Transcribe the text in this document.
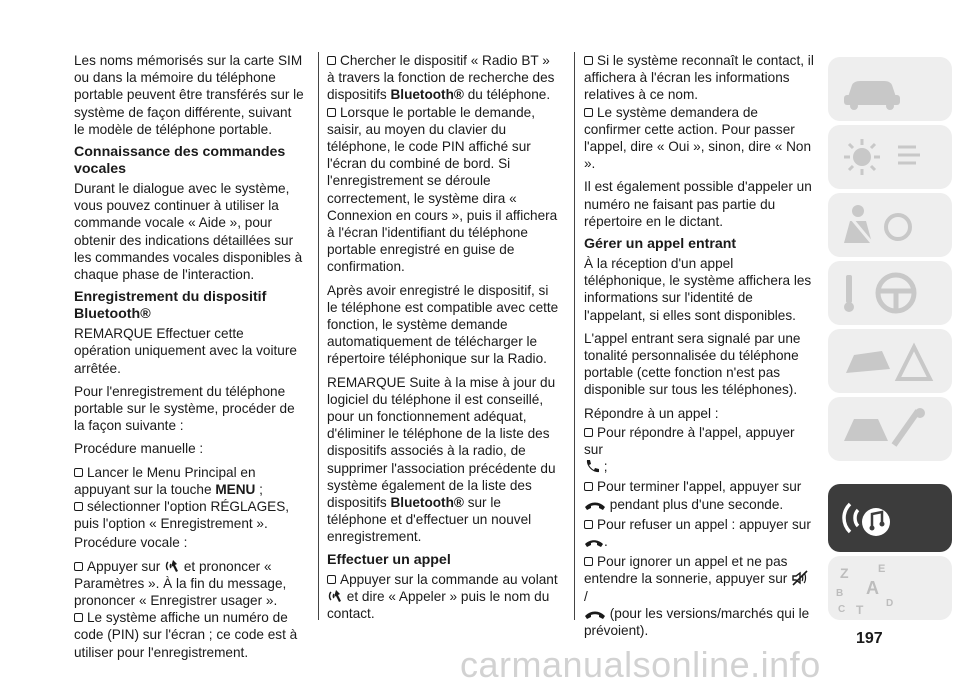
Les noms mémorisés sur la carte SIM ou dans la mémoire du téléphone portable peuvent être transférés sur le système de façon différente, suivant le modèle de téléphone portable.

Connaissance des commandes vocales

Durant le dialogue avec le système, vous pouvez continuer à utiliser la commande vocale « Aide », pour obtenir des indications détaillées sur les commandes vocales disponibles à chaque phase de l'interaction.

Enregistrement du dispositif Bluetooth®

REMARQUE Effectuer cette opération uniquement avec la voiture arrêtée.

Pour l'enregistrement du téléphone portable sur le système, procéder de la façon suivante :

Procédure manuelle :

Lancer le Menu Principal en appuyant sur la touche MENU ;
sélectionner l'option RÉGLAGES, puis l'option « Enregistrement ».

Procédure vocale :

Appuyer sur et prononcer « Paramètres ». À la fin du message, prononcer « Enregistrer usager ».
Le système affiche un numéro de code (PIN) sur l'écran ; ce code est à utiliser pour l'enregistrement.
Chercher le dispositif « Radio BT » à travers la fonction de recherche des dispositifs Bluetooth® du téléphone.
Lorsque le portable le demande, saisir, au moyen du clavier du téléphone, le code PIN affiché sur l'écran du combiné de bord. Si l'enregistrement se déroule correctement, le système dira « Connexion en cours », puis il affichera à l'écran l'identifiant du téléphone portable enregistré en guise de confirmation.

Après avoir enregistré le dispositif, si le téléphone est compatible avec cette fonction, le système demande automatiquement de télécharger le répertoire téléphonique sur la Radio.

REMARQUE Suite à la mise à jour du logiciel du téléphone il est conseillé, pour un fonctionnement adéquat, d'éliminer le téléphone de la liste des dispositifs associés à la radio, de supprimer l'association précédente du système également de la liste des dispositifs Bluetooth® sur le téléphone et d'effectuer un nouvel enregistrement.

Effectuer un appel
Appuyer sur la commande au volant
et dire « Appeler » puis le nom du contact.
Si le système reconnaît le contact, il affichera à l'écran les informations relatives à ce nom.
Le système demandera de confirmer cette action. Pour passer l'appel, dire « Oui », sinon, dire « Non ».

Il est également possible d'appeler un numéro ne faisant pas partie du répertoire en le dictant.

Gérer un appel entrant

À la réception d'un appel téléphonique, le système affichera les informations sur l'identité de l'appelant, si elles sont disponibles.

L'appel entrant sera signalé par une tonalité personnalisée du téléphone portable (cette fonction n'est pas disponible sur tous les téléphones).

Répondre à un appel :

Pour répondre à l'appel, appuyer sur
;
Pour terminer l'appel, appuyer sur
pendant plus d'une seconde.
Pour refuser un appel : appuyer sur
.
Pour ignorer un appel et ne pas entendre la sonnerie, appuyer sur  /
(pour les versions/marchés qui le prévoient).
Z	E
B A
C T D
197
carmanualsonline.info
